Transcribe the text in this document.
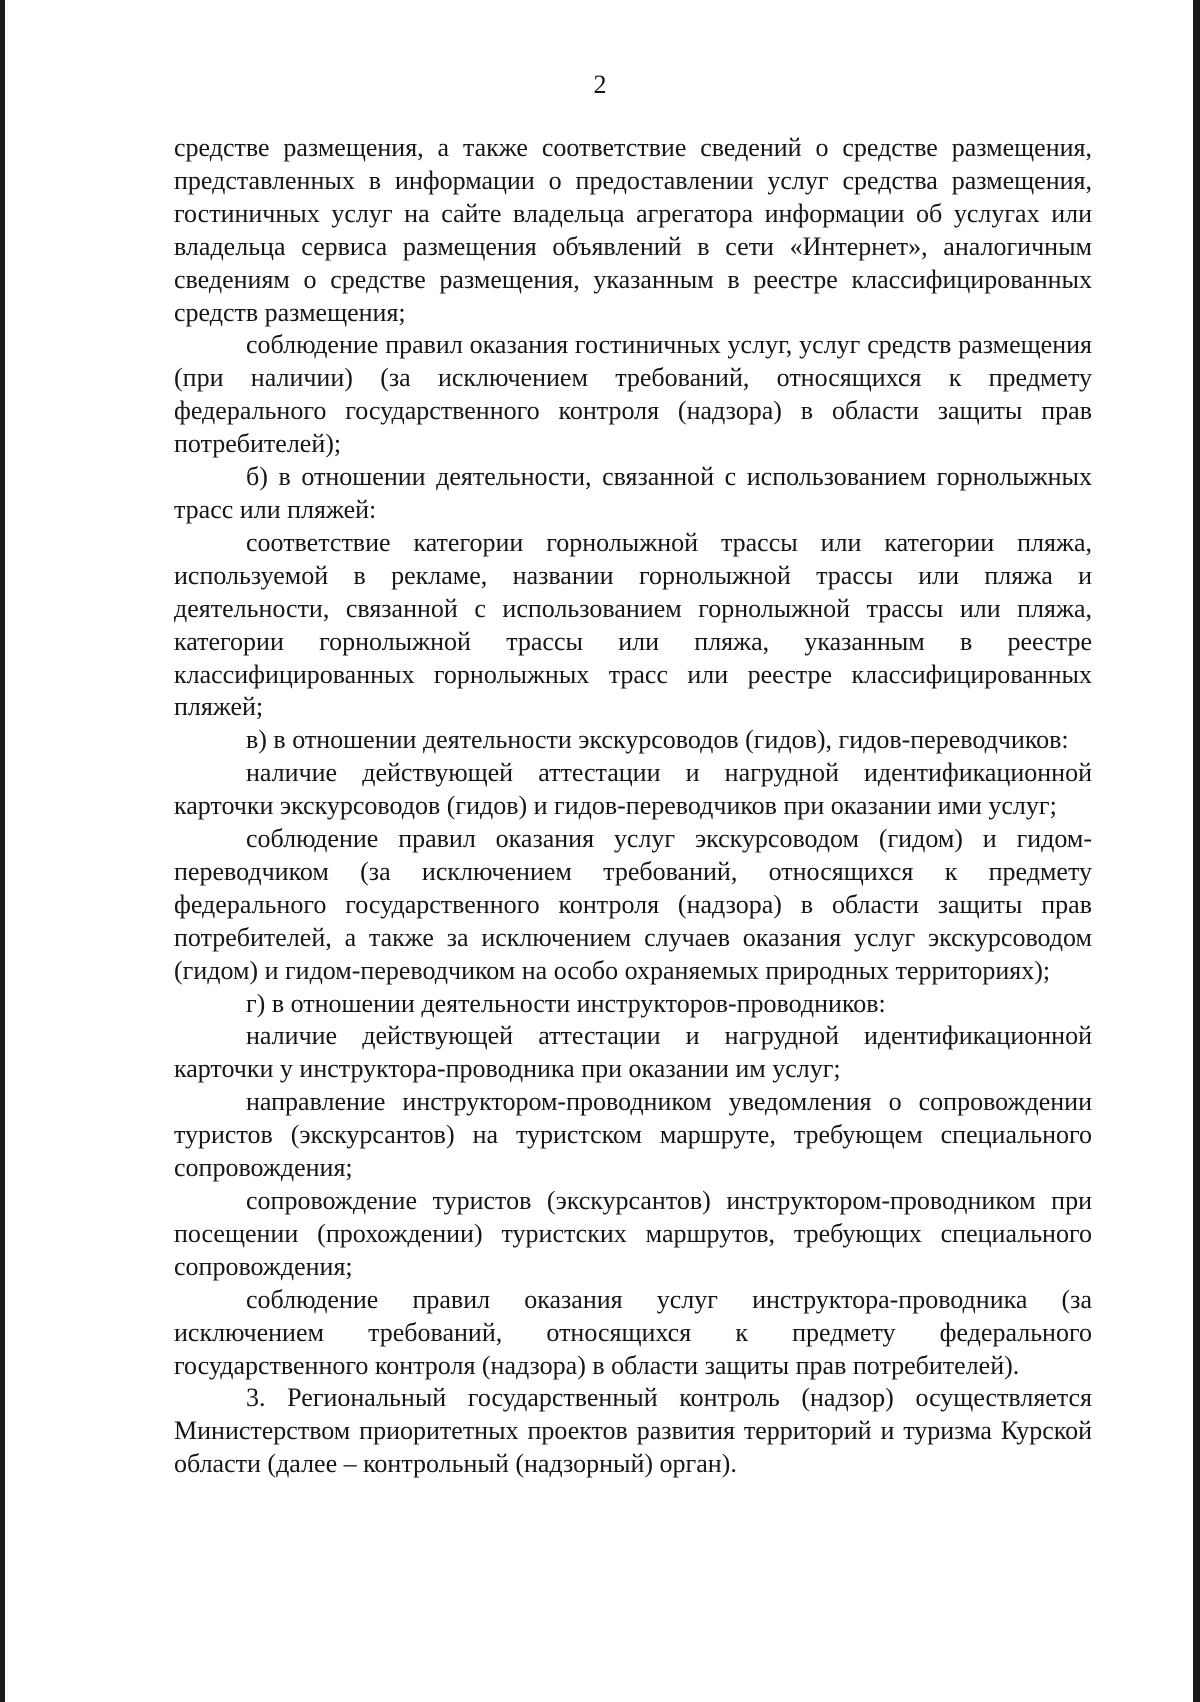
2

средстве размещения, а также соответствие сведений о средстве размещения, представленных в информации о предоставлении услуг средства размещения, гостиничных услуг на сайте владельца агрегатора информации об услугах или владельца сервиса размещения объявлений в сети «Интернет», аналогичным сведениям о средстве размещения, указанным в реестре классифицированных средств размещения;

соблюдение правил оказания гостиничных услуг, услуг средств размещения (при наличии) (за исключением требований, относящихся к предмету федерального государственного контроля (надзора) в области защиты прав потребителей);

б) в отношении деятельности, связанной с использованием горнолыжных трасс или пляжей:

соответствие категории горнолыжной трассы или категории пляжа, используемой в рекламе, названии горнолыжной трассы или пляжа и деятельности, связанной с использованием горнолыжной трассы или пляжа, категории горнолыжной трассы или пляжа, указанным в реестре классифицированных горнолыжных трасс или реестре классифицированных пляжей;

в) в отношении деятельности экскурсоводов (гидов), гидов-переводчиков:

наличие действующей аттестации и нагрудной идентификационной карточки экскурсоводов (гидов) и гидов-переводчиков при оказании ими услуг;

соблюдение правил оказания услуг экскурсоводом (гидом) и гидом-переводчиком (за исключением требований, относящихся к предмету федерального государственного контроля (надзора) в области защиты прав потребителей, а также за исключением случаев оказания услуг экскурсоводом (гидом) и гидом-переводчиком на особо охраняемых природных территориях);

г) в отношении деятельности инструкторов-проводников:

наличие действующей аттестации и нагрудной идентификационной карточки у инструктора-проводника при оказании им услуг;

направление инструктором-проводником уведомления о сопровождении туристов (экскурсантов) на туристском маршруте, требующем специального сопровождения;

сопровождение туристов (экскурсантов) инструктором-проводником при посещении (прохождении) туристских маршрутов, требующих специального сопровождения;

соблюдение правил оказания услуг инструктора-проводника (за исключением требований, относящихся к предмету федерального государственного контроля (надзора) в области защиты прав потребителей).

3. Региональный государственный контроль (надзор) осуществляется Министерством приоритетных проектов развития территорий и туризма Курской области (далее – контрольный (надзорный) орган).
